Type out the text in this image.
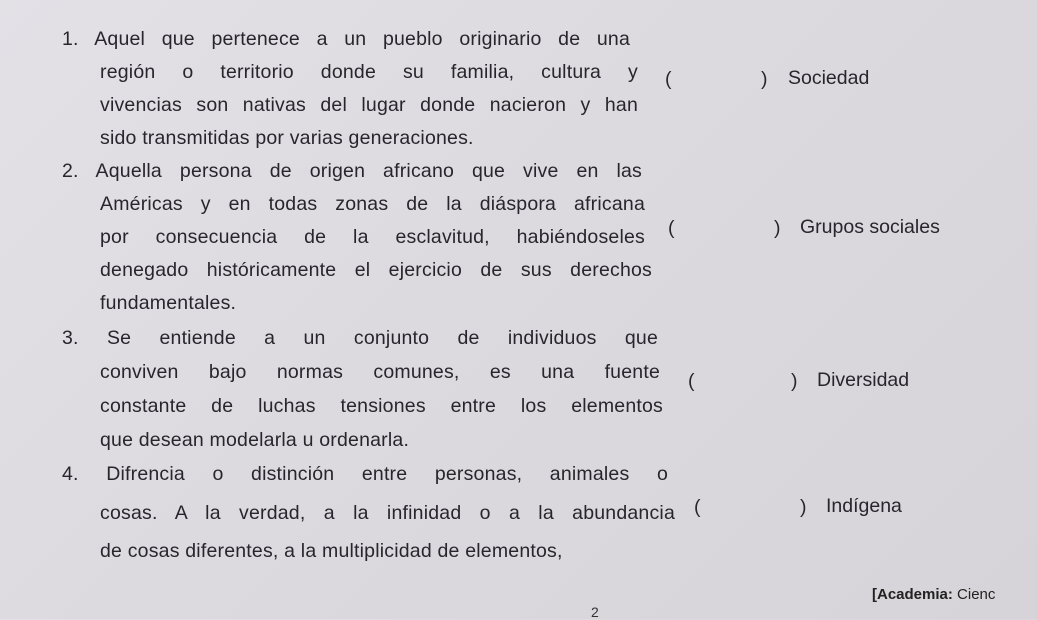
1. Aquel que pertenece a un pueblo originario de una
región o territorio donde su familia, cultura y
vivencias son nativas del lugar donde nacieron y han
sido transmitidas por varias generaciones.
(	) Sociedad
2. Aquella persona de origen africano que vive en las
Américas y en todas zonas de la diáspora africana
por consecuencia de la esclavitud, habiéndoseles
denegado históricamente el ejercicio de sus derechos
fundamentales.
(	) Grupos sociales
3. Se entiende a un conjunto de individuos que
conviven bajo normas comunes, es una fuente
constante de luchas tensiones entre los elementos
que desean modelarla u ordenarla.
(	) Diversidad
4. Difrencia o distinción entre personas, animales o
cosas. A la verdad, a la infinidad o a la abundancia
de cosas diferentes, a la multiplicidad de elementos,
(	) Indígena
[Academia: Cienc
2
